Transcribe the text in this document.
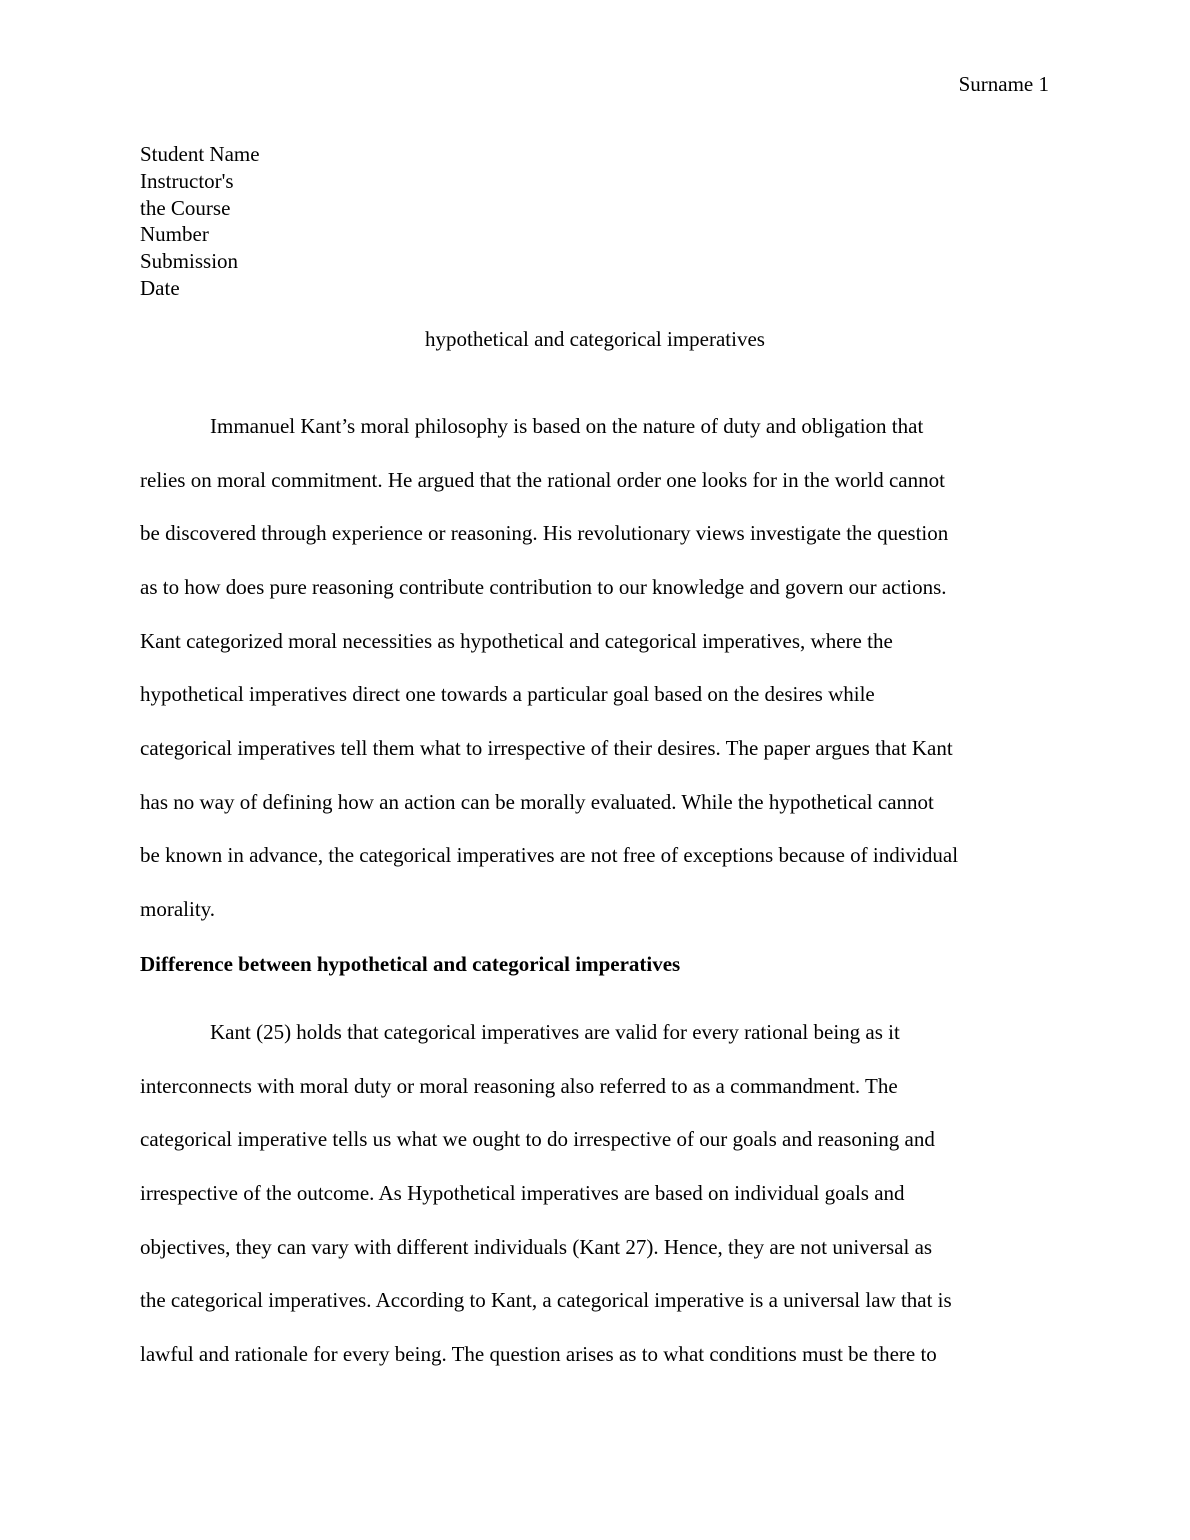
Surname 1
Student Name
Instructor's
the Course
Number
Submission
Date
hypothetical and categorical imperatives
Immanuel Kant’s moral philosophy is based on the nature of duty and obligation that
relies on moral commitment. He argued that the rational order one looks for in the world cannot
be discovered through experience or reasoning. His revolutionary views investigate the question
as to how does pure reasoning contribute contribution to our knowledge and govern our actions.
Kant categorized moral necessities as hypothetical and categorical imperatives, where the
hypothetical imperatives direct one towards a particular goal based on the desires while
categorical imperatives tell them what to irrespective of their desires. The paper argues that Kant
has no way of defining how an action can be morally evaluated. While the hypothetical cannot
be known in advance, the categorical imperatives are not free of exceptions because of individual
morality.
Difference between hypothetical and categorical imperatives
Kant (25) holds that categorical imperatives are valid for every rational being as it
interconnects with moral duty or moral reasoning also referred to as a commandment. The
categorical imperative tells us what we ought to do irrespective of our goals and reasoning and
irrespective of the outcome. As Hypothetical imperatives are based on individual goals and
objectives, they can vary with different individuals (Kant 27). Hence, they are not universal as
the categorical imperatives. According to Kant, a categorical imperative is a universal law that is
lawful and rationale for every being. The question arises as to what conditions must be there to
